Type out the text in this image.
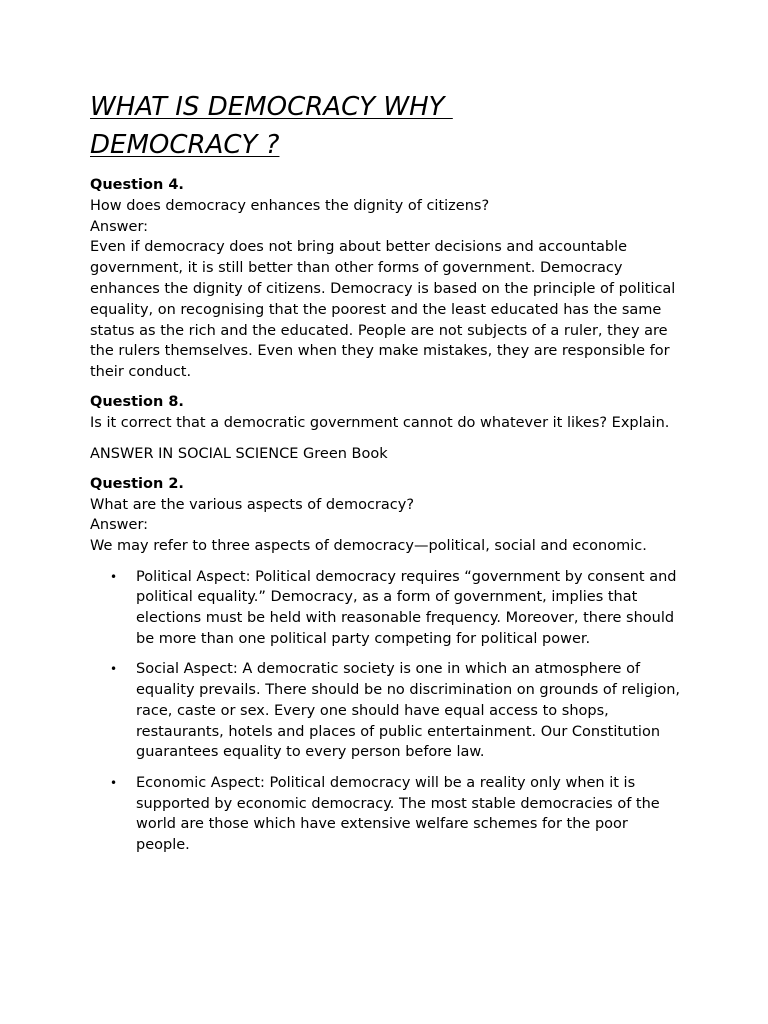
WHAT IS DEMOCRACY WHY
DEMOCRACY ?

Question 4.

How does democracy enhances the dignity of citizens?

Answer:

Even if democracy does not bring about better decisions and accountable government, it is still better than other forms of government. Democracy enhances the dignity of citizens. Democracy is based on the principle of political equality, on recognising that the poorest and the least educated has the same status as the rich and the educated. People are not subjects of a ruler, they are the rulers themselves. Even when they make mistakes, they are responsible for their conduct.

Question 8.

Is it correct that a democratic government cannot do whatever it likes? Explain.

ANSWER IN SOCIAL SCIENCE Green Book

Question 2.

What are the various aspects of democracy?

Answer:

We may refer to three aspects of democracy—political, social and economic.

• Political Aspect: Political democracy requires “government by consent and political equality.” Democracy, as a form of government, implies that elections must be held with reasonable frequency. Moreover, there should be more than one political party competing for political power.
• Social Aspect: A democratic society is one in which an atmosphere of equality prevails. There should be no discrimination on grounds of religion, race, caste or sex. Every one should have equal access to shops, restaurants, hotels and places of public entertainment. Our Constitution guarantees equality to every person before law.
• Economic Aspect: Political democracy will be a reality only when it is supported by economic democracy. The most stable democracies of the world are those which have extensive welfare schemes for the poor people.
